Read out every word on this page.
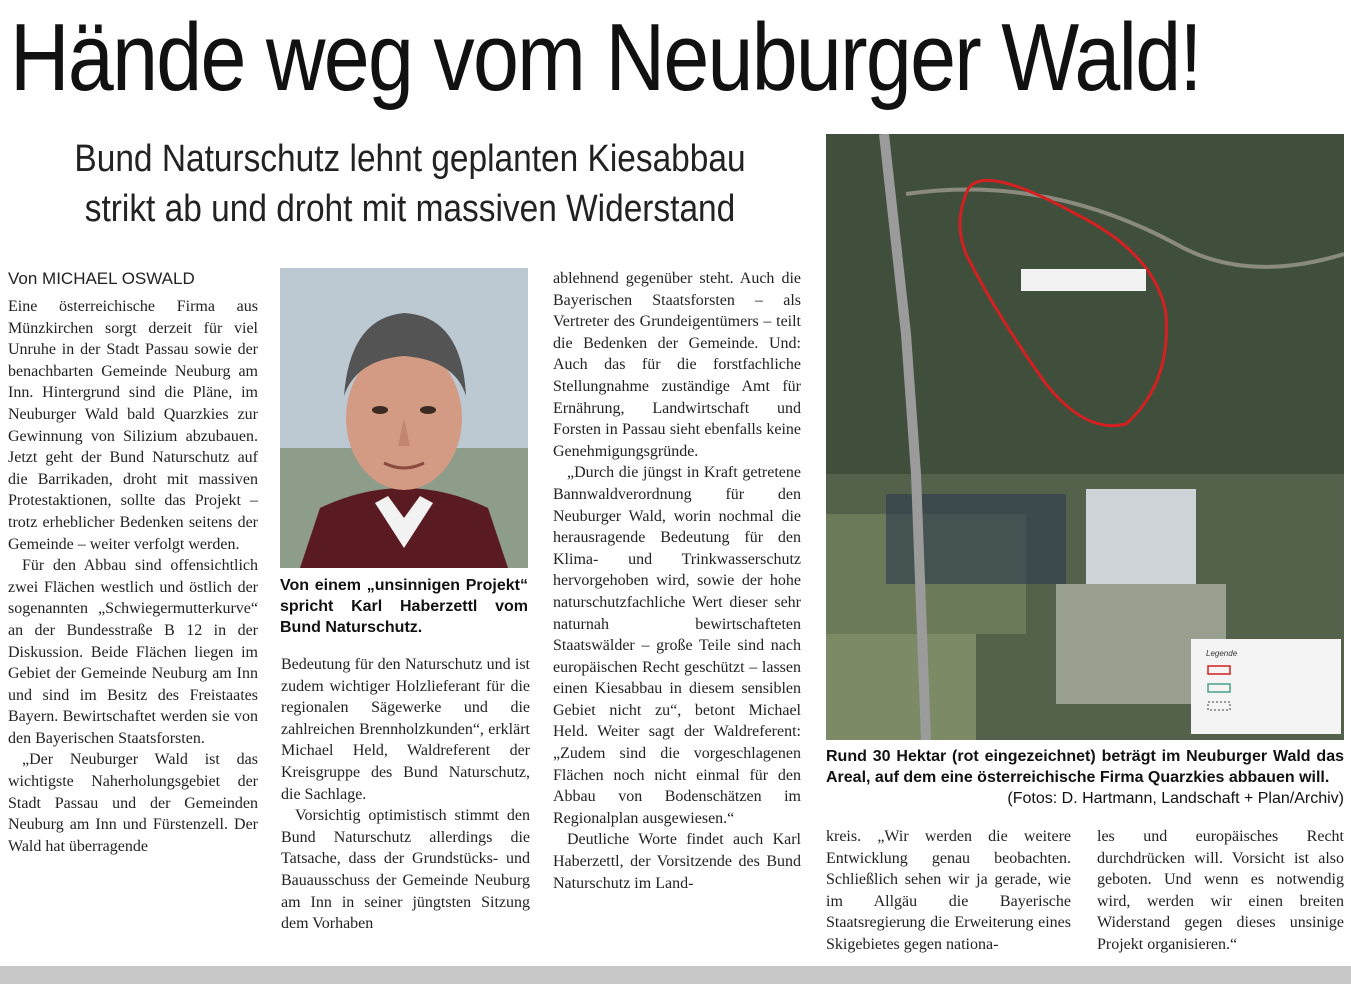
Hände weg vom Neuburger Wald!
Bund Naturschutz lehnt geplanten Kiesabbau
strikt ab und droht mit massiven Widerstand
Von MICHAEL OSWALD

Eine österreichische Firma aus Münzkirchen sorgt derzeit für viel Unruhe in der Stadt Passau sowie der benachbarten Gemeinde Neuburg am Inn. Hintergrund sind die Pläne, im Neuburger Wald bald Quarzkies zur Gewinnung von Silizium abzubauen. Jetzt geht der Bund Naturschutz auf die Barrikaden, droht mit massiven Protestaktionen, sollte das Projekt – trotz erheblicher Bedenken seitens der Gemeinde – weiter verfolgt werden.

Für den Abbau sind offensichtlich zwei Flächen westlich und östlich der sogenannten „Schwiegermutterkurve“ an der Bundesstraße B 12 in der Diskussion. Beide Flächen liegen im Gebiet der Gemeinde Neuburg am Inn und sind im Besitz des Freistaates Bayern. Bewirtschaftet werden sie von den Bayerischen Staatsforsten.

„Der Neuburger Wald ist das wichtigste Naherholungsgebiet der Stadt Passau und der Gemeinden Neuburg am Inn und Fürstenzell. Der Wald hat überragende

Von einem „unsinnigen Projekt“ spricht Karl Haberzettl vom Bund Naturschutz.

Bedeutung für den Naturschutz und ist zudem wichtiger Holzlieferant für die regionalen Sägewerke und die zahlreichen Brennholzkunden“, erklärt Michael Held, Waldreferent der Kreisgruppe des Bund Naturschutz, die Sachlage.

Vorsichtig optimistisch stimmt den Bund Naturschutz allerdings die Tatsache, dass der Grundstücks- und Bauausschuss der Gemeinde Neuburg am Inn in seiner jüngtsten Sitzung dem Vorhaben

ablehnend gegenüber steht. Auch die Bayerischen Staatsforsten – als Vertreter des Grundeigentümers – teilt die Bedenken der Gemeinde. Und: Auch das für die forstfachliche Stellungnahme zuständige Amt für Ernährung, Landwirtschaft und Forsten in Passau sieht ebenfalls keine Genehmigungsgründe.

„Durch die jüngst in Kraft getretene Bannwaldverordnung für den Neuburger Wald, worin nochmal die herausragende Bedeutung für den Klima- und Trinkwasserschutz hervorgehoben wird, sowie der hohe naturschutzfachliche Wert dieser sehr naturnah bewirtschafteten Staatswälder – große Teile sind nach europäischen Recht geschützt – lassen einen Kiesabbau in diesem sensiblen Gebiet nicht zu“, betont Michael Held. Weiter sagt der Waldreferent: „Zudem sind die vorgeschlagenen Flächen noch nicht einmal für den Abbau von Bodenschätzen im Regionalplan ausgewiesen.“

Deutliche Worte findet auch Karl Haberzettl, der Vorsitzende des Bund Naturschutz im Land-

Legende
Rund 30 Hektar (rot eingezeichnet) beträgt im Neuburger Wald das Areal, auf dem eine österreichische Firma Quarzkies abbauen will.
(Fotos: D. Hartmann, Landschaft + Plan/Archiv)

kreis. „Wir werden die weitere Entwicklung genau beobachten. Schließlich sehen wir ja gerade, wie im Allgäu die Bayerische Staatsregierung die Erweiterung eines Skigebietes gegen nationa-

les und europäisches Recht durchdrücken will. Vorsicht ist also geboten. Und wenn es notwendig wird, werden wir einen breiten Widerstand gegen dieses unsinige Projekt organisieren.“
